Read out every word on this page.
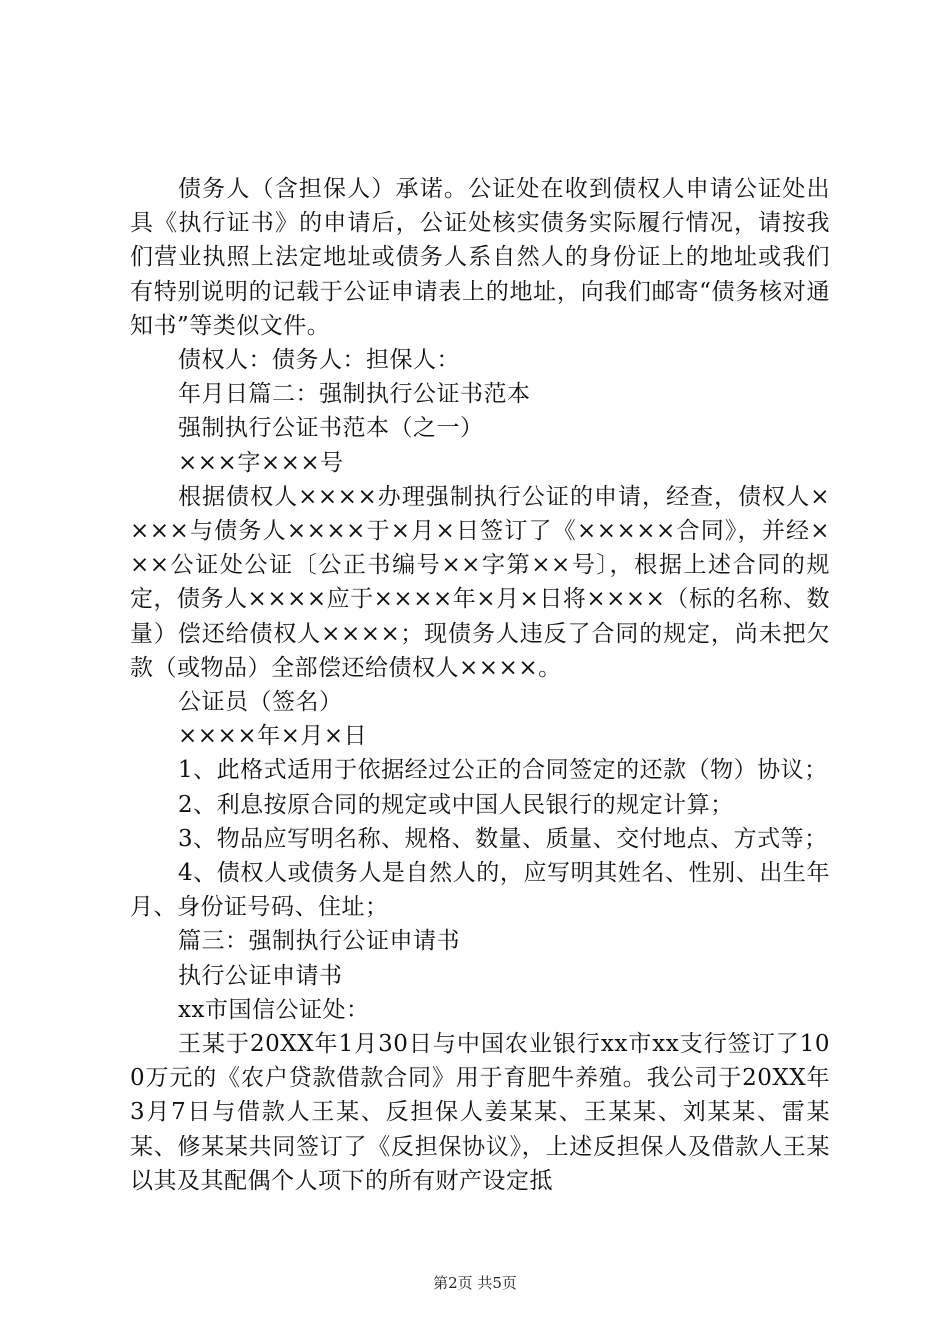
债务人（含担保人）承诺。公证处在收到债权人申请公证处出具《执行证书》的申请后，公证处核实债务实际履行情况，请按我们营业执照上法定地址或债务人系自然人的身份证上的地址或我们有特别说明的记载于公证申请表上的地址，向我们邮寄“债务核对通知书”等类似文件。

债权人：债务人：担保人：

年月日篇二：强制执行公证书范本

强制执行公证书范本（之一）

×××字×××号

根据债权人××××办理强制执行公证的申请，经查，债权人××××与债务人××××于×月×日签订了《×××××合同》，并经×××公证处公证〔公正书编号××字第××号〕，根据上述合同的规定，债务人××××应于××××年×月×日将××××（标的名称、数量）偿还给债权人××××；现债务人违反了合同的规定，尚未把欠款（或物品）全部偿还给债权人××××。

公证员（签名）

××××年×月×日

1、此格式适用于依据经过公正的合同签定的还款（物）协议；

2、利息按原合同的规定或中国人民银行的规定计算；

3、物品应写明名称、规格、数量、质量、交付地点、方式等；

4、债权人或债务人是自然人的，应写明其姓名、性别、出生年月、身份证号码、住址；

篇三：强制执行公证申请书

执行公证申请书

xx市国信公证处：

王某于20XX年1月30日与中国农业银行xx市xx支行签订了100万元的《农户贷款借款合同》用于育肥牛养殖。我公司于20XX年3月7日与借款人王某、反担保人姜某某、王某某、刘某某、雷某某、修某某共同签订了《反担保协议》，上述反担保人及借款人王某以其及其配偶个人项下的所有财产设定抵

第2页 共5页
